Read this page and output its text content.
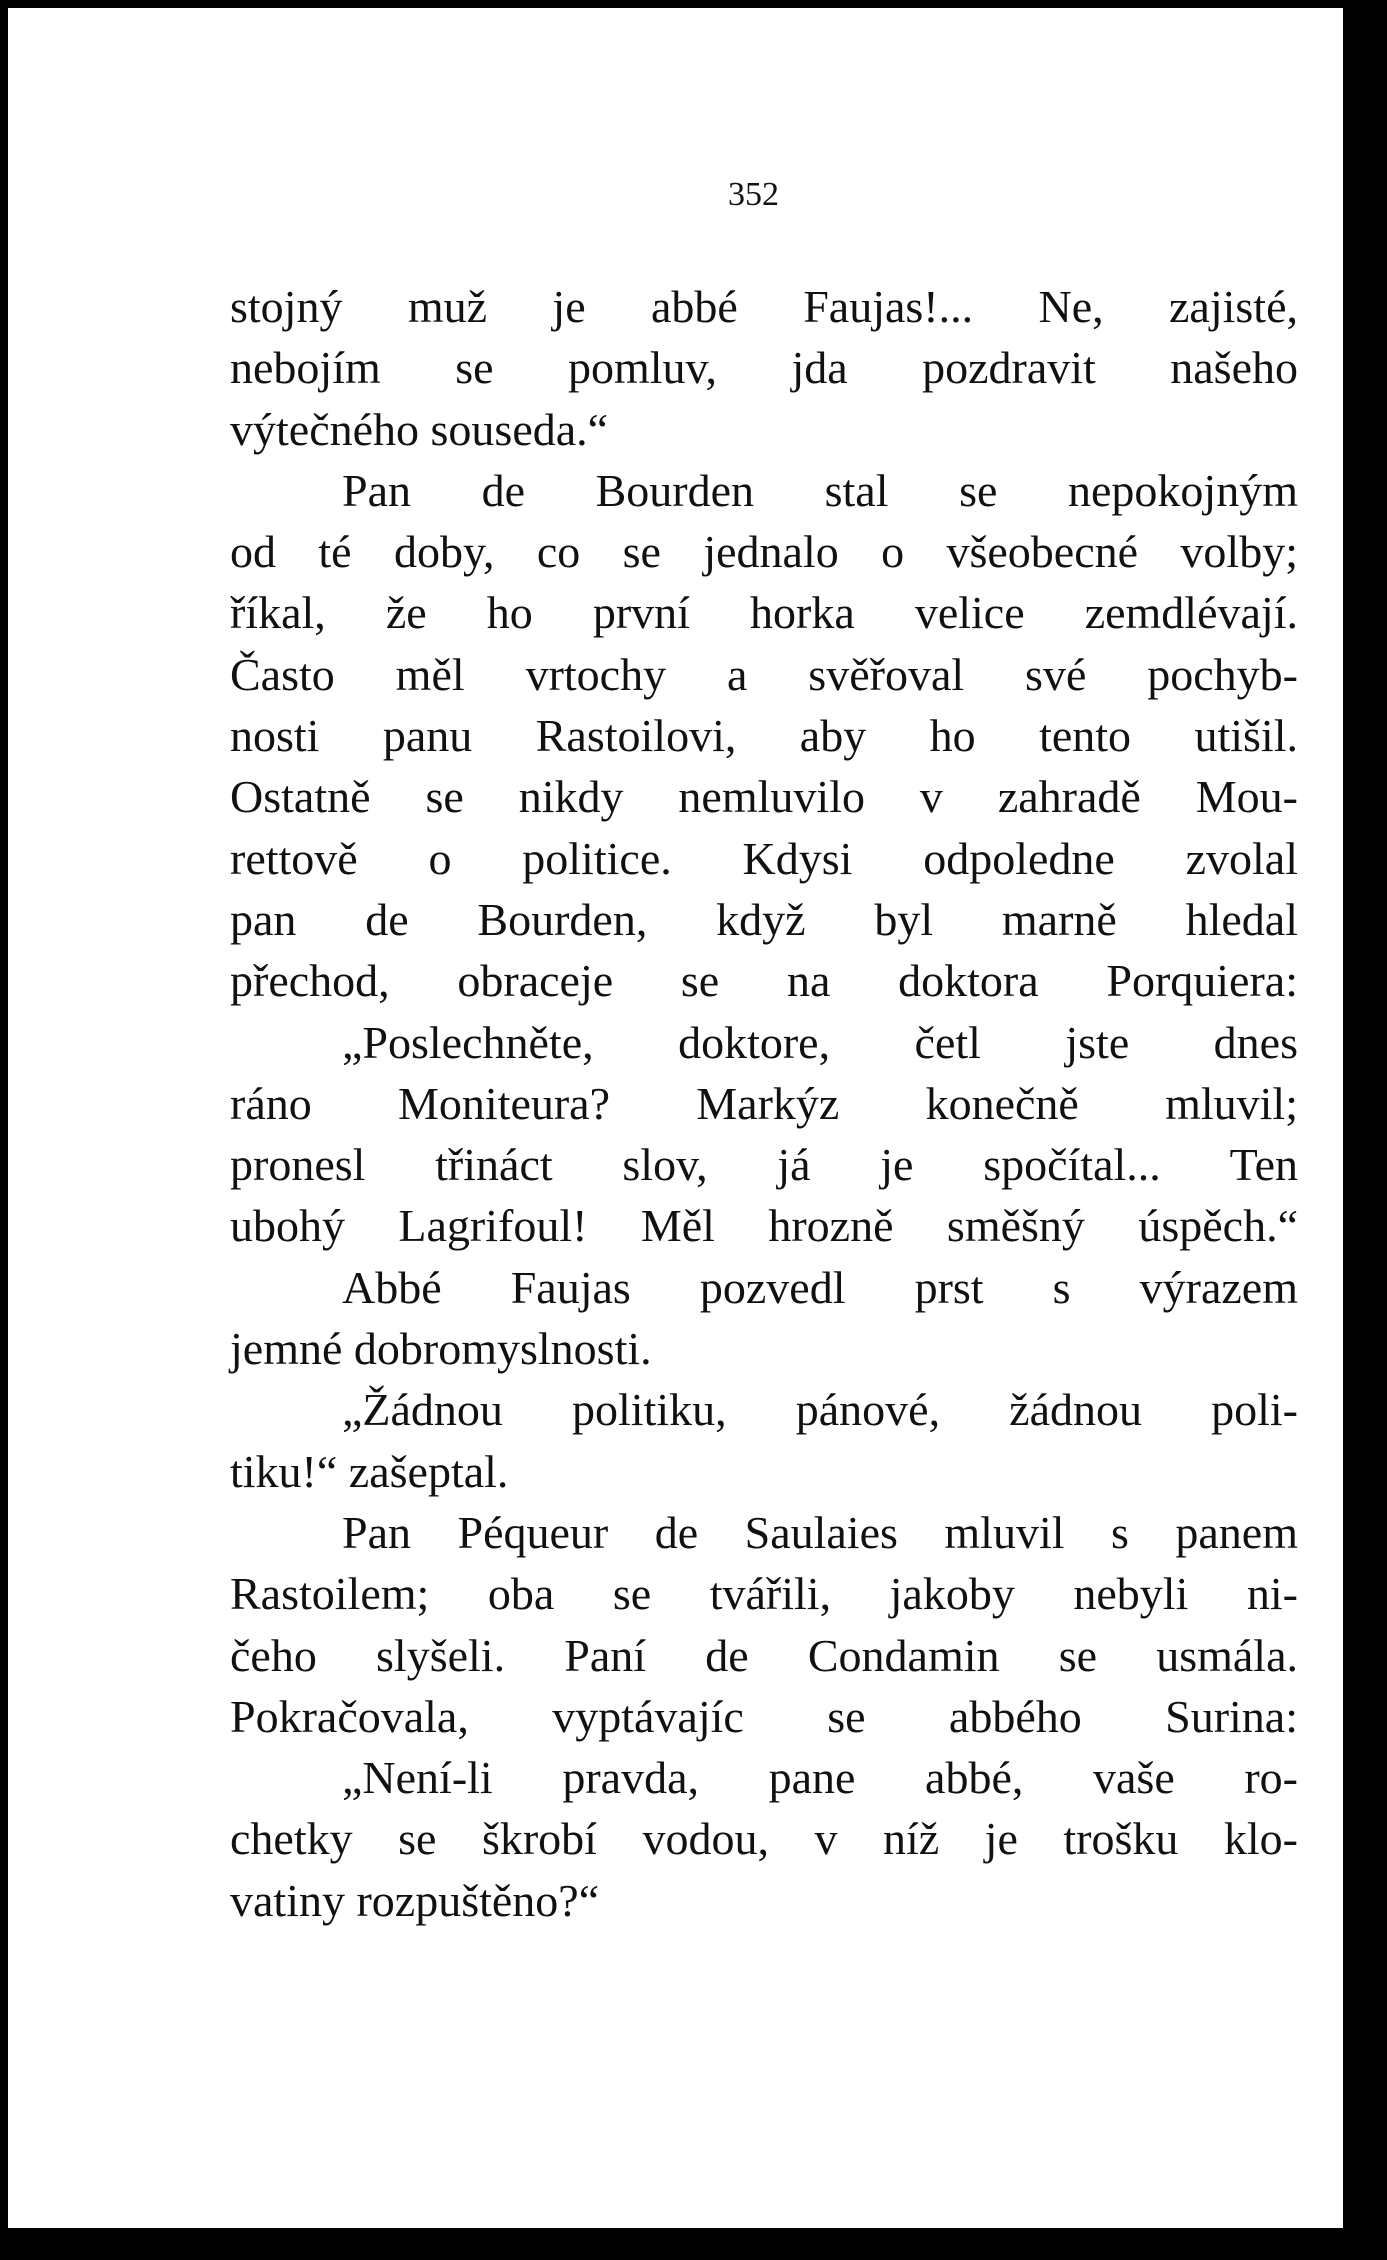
352
stojný muž je abbé Faujas!... Ne, zajisté,
nebojím se pomluv, jda pozdravit našeho
výtečného souseda.“
Pan de Bourden stal se nepokojným
od té doby, co se jednalo o všeobecné volby;
říkal, že ho první horka velice zemdlévají.
Často měl vrtochy a svěřoval své pochyb-
nosti panu Rastoilovi, aby ho tento utišil.
Ostatně se nikdy nemluvilo v zahradě Mou-
rettově o politice. Kdysi odpoledne zvolal
pan de Bourden, když byl marně hledal
přechod, obraceje se na doktora Porquiera:
„Poslechněte, doktore, četl jste dnes
ráno Moniteura? Markýz konečně mluvil;
pronesl třináct slov, já je spočítal... Ten
ubohý Lagrifoul! Měl hrozně směšný úspěch.“
Abbé Faujas pozvedl prst s výrazem
jemné dobromyslnosti.
„Žádnou politiku, pánové, žádnou poli-
tiku!“ zašeptal.
Pan Péqueur de Saulaies mluvil s panem
Rastoilem; oba se tvářili, jakoby nebyli ni-
čeho slyšeli. Paní de Condamin se usmála.
Pokračovala, vyptávajíc se abbého Surina:
„Není-li pravda, pane abbé, vaše ro-
chetky se škrobí vodou, v níž je trošku klo-
vatiny rozpuštěno?“
